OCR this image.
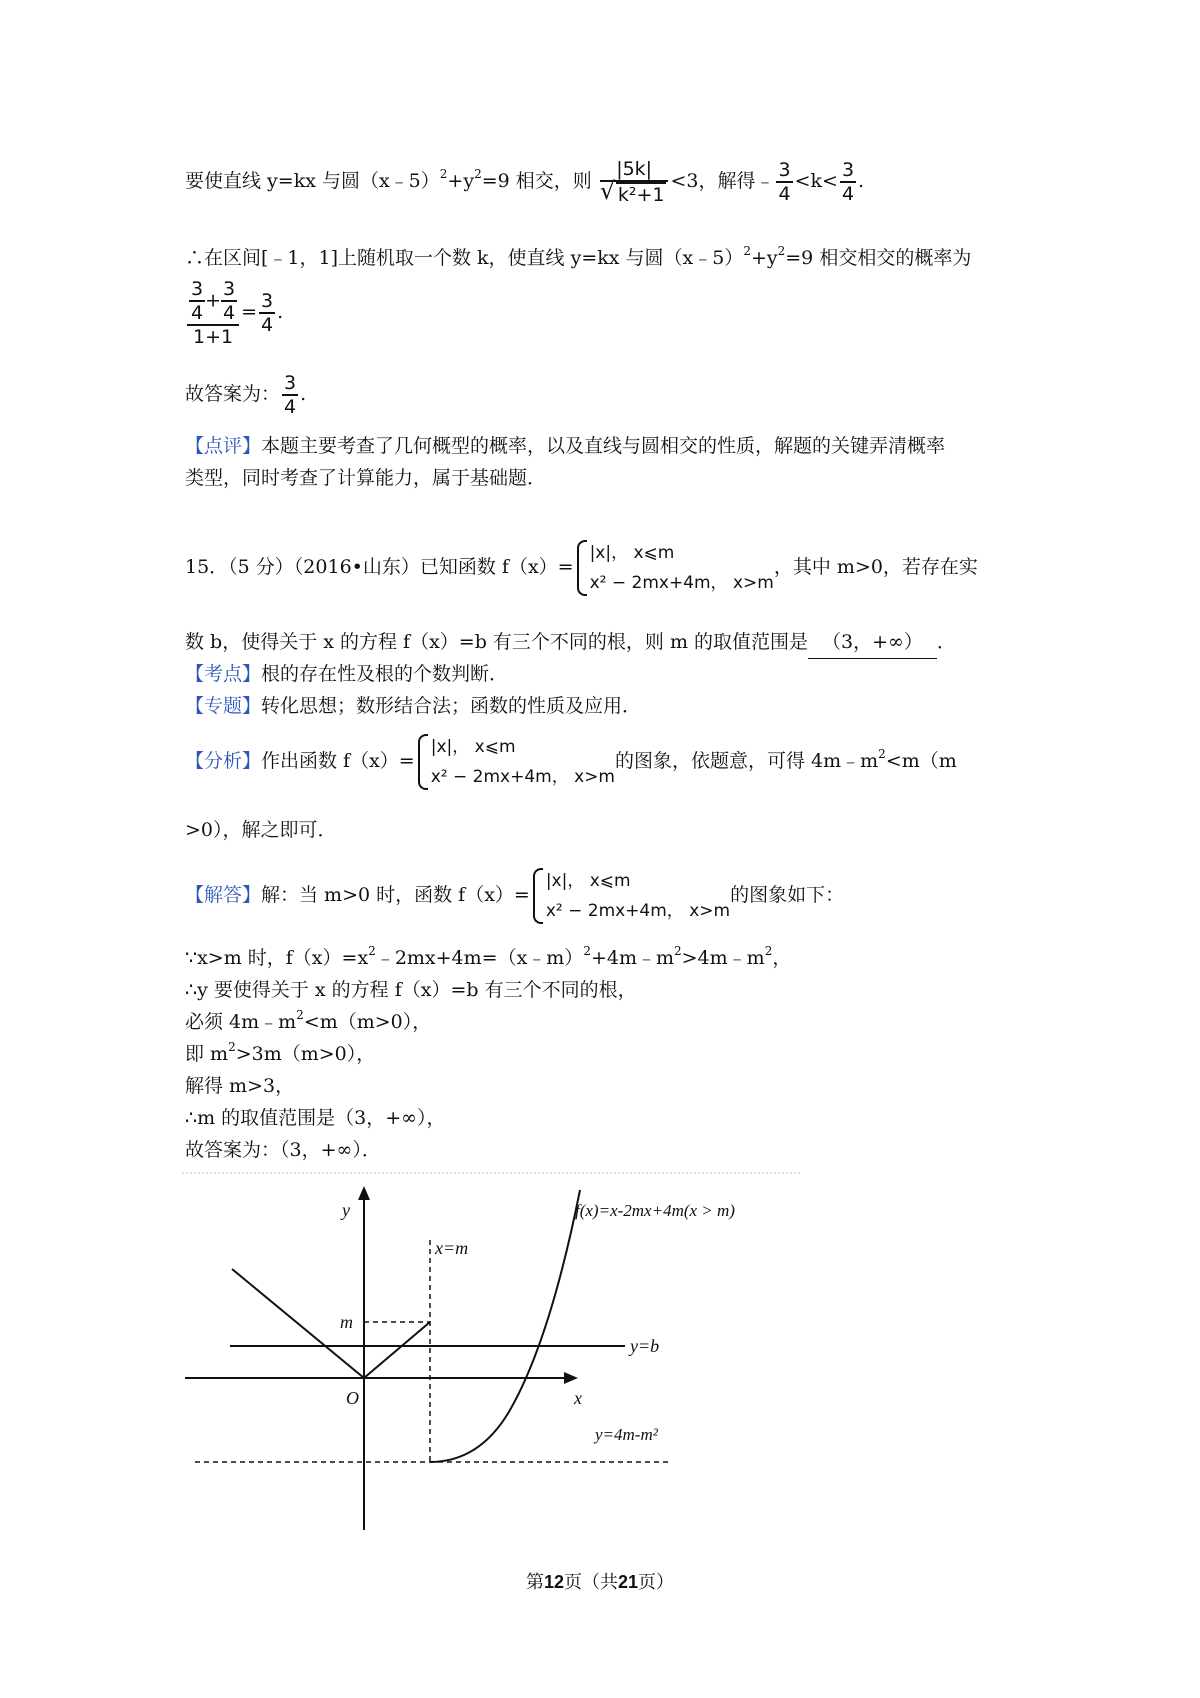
要使直线 y=kx 与圆$(x﹣5)^2+y^2=9$ 相交，则 |5k|
√ k²+1 <3，解得﹣ $\frac{3}{4} <k< \frac{3}{4}$ .
∴在区间[﹣1，1]上随机取一个数 k，使直线 y=kx 与圆$(x﹣5)^2+y^2=9$ 相交相交的概率为
$\frac{\frac{3}{4} + \frac{3}{4}}{1+1} = \frac{3}{4}$ .
故答案为： $\frac{3}{4}$ .
【点评】本题主要考查了几何概型的概率，以及直线与圆相交的性质，解题的关键弄清概率
类型，同时考查了计算能力，属于基础题．
15．（5 分）（2016•山东）已知函数 f（x）=
|x|， x⩽m
x² − 2mx+4m， x>m
，其中 m>0，若存在实
数 b，使得关于 x 的方程 f（x）=b 有三个不同的根，则 m 的取值范围是 （3，+∞） ．
【考点】根的存在性及根的个数判断．
【专题】转化思想；数形结合法；函数的性质及应用．
【分析】作出函数 f（x）=
|x|， x⩽m
x² − 2mx+4m， x>m
的图象，依题意，可得 $4m﹣m^2<m(m$
>0），解之即可．
【解答】解：当 m>0 时，函数 f（x）=
|x|， x⩽m
x² − 2mx+4m， x>m
的图象如下：
∵x>m 时，$f(x)=x^2﹣2mx+4m=(x﹣m)^2+4m﹣m^2>4m﹣m^2$，
∴y 要使得关于 x 的方程 f（x）=b 有三个不同的根，
必须 $4m﹣m^2<m(m>0)$，
即 $m^2>3m(m>0)$，
解得 m>3，
∴m 的取值范围是（3，+∞），
故答案为：（3，+∞）．
y
x
O
x=m
m
y=b
y=4m-m²
f(x)=x-2mx+4m(x > m)
第12页（共21页）
